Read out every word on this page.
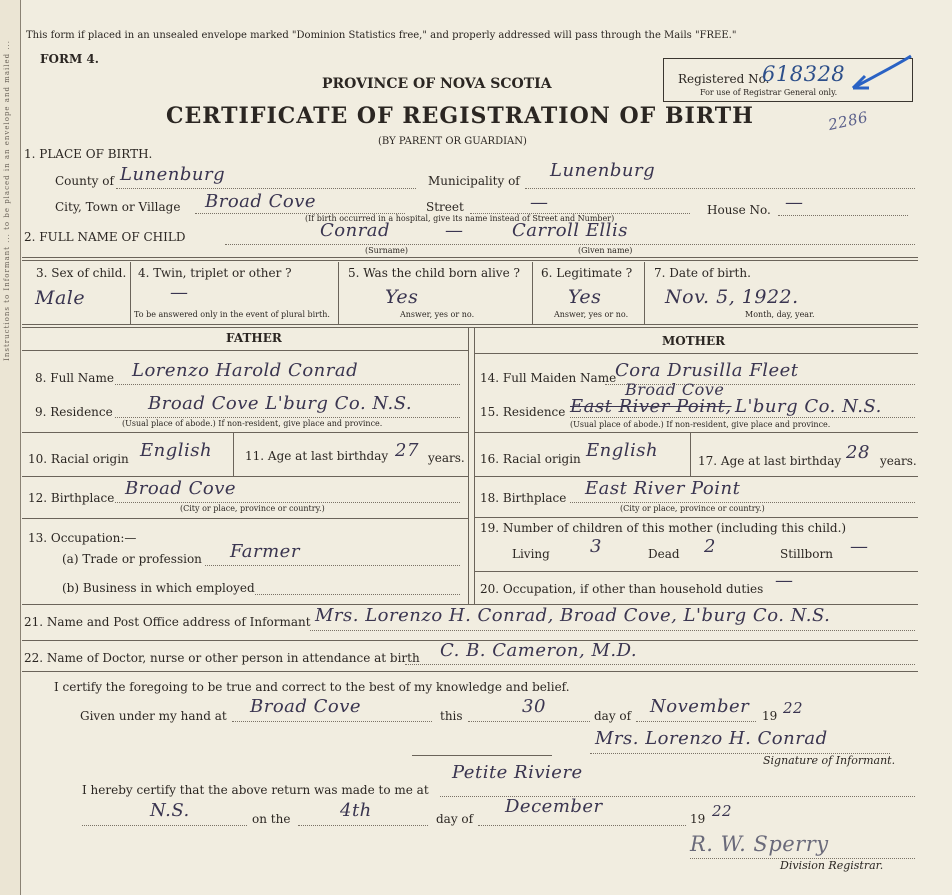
Instructions to Informant ... to be placed in an envelope and mailed ...
This form if placed in an unsealed envelope marked "Dominion Statistics free," and properly addressed will pass through the Mails "FREE."
FORM 4.
PROVINCE OF NOVA SCOTIA
CERTIFICATE OF REGISTRATION OF BIRTH
(BY PARENT OR GUARDIAN)
Registered No.
618328
For use of Registrar General only.
2286
1. PLACE OF BIRTH.
County of Lunenburg	Municipality of Lunenburg
City, Town or Village Broad Cove	Street	—	House No. —
(If birth occurred in a hospital, give its name instead of Street and Number)
2. FULL NAME OF CHILD	Conrad	—	Carroll Ellis
(Surname)	(Given name)
3. Sex of child.
Male
4. Twin, triplet or other ?
—
To be answered only in the event of plural birth.
5. Was the child born alive ?
Yes
Answer, yes or no.
6. Legitimate ?
Yes
Answer, yes or no.
7. Date of birth.
Nov. 5, 1922.
Month, day, year.
FATHER	MOTHER
8. Full Name Lorenzo Harold Conrad
9. Residence Broad Cove L'burg Co. N.S.
(Usual place of abode.) If non-resident, give place and province.
10. Racial origin English	11. Age at last birthday 27 years.
12. Birthplace Broad Cove
(City or place, province or country.)
13. Occupation:—
(a) Trade or profession Farmer
(b) Business in which employed
14. Full Maiden Name
Cora Drusilla Fleet
15. Residence East River Point,
Broad Cove
L'burg Co. N.S.
(Usual place of abode.) If non-resident, give place and province.
16. Racial origin English	17. Age at last birthday 28 years.
18. Birthplace East River Point
(City or place, province or country.)
19. Number of children of this mother (including this child.)
Living 3	Dead 2	Stillborn —
20. Occupation, if other than household duties —
21. Name and Post Office address of Informant Mrs. Lorenzo H. Conrad, Broad Cove, L'burg Co. N.S.
22. Name of Doctor, nurse or other person in attendance at birth C. B. Cameron, M.D.
I certify the foregoing to be true and correct to the best of my knowledge and belief.
Given under my hand at Broad Cove	this	30	day of November 19 22
Mrs. Lorenzo H. Conrad
Signature of Informant.
I hereby certify that the above return was made to me at
Petite Riviere
N.S.	on the	4th	day of
December
19 22
R. W. Sperry
Division Registrar.
